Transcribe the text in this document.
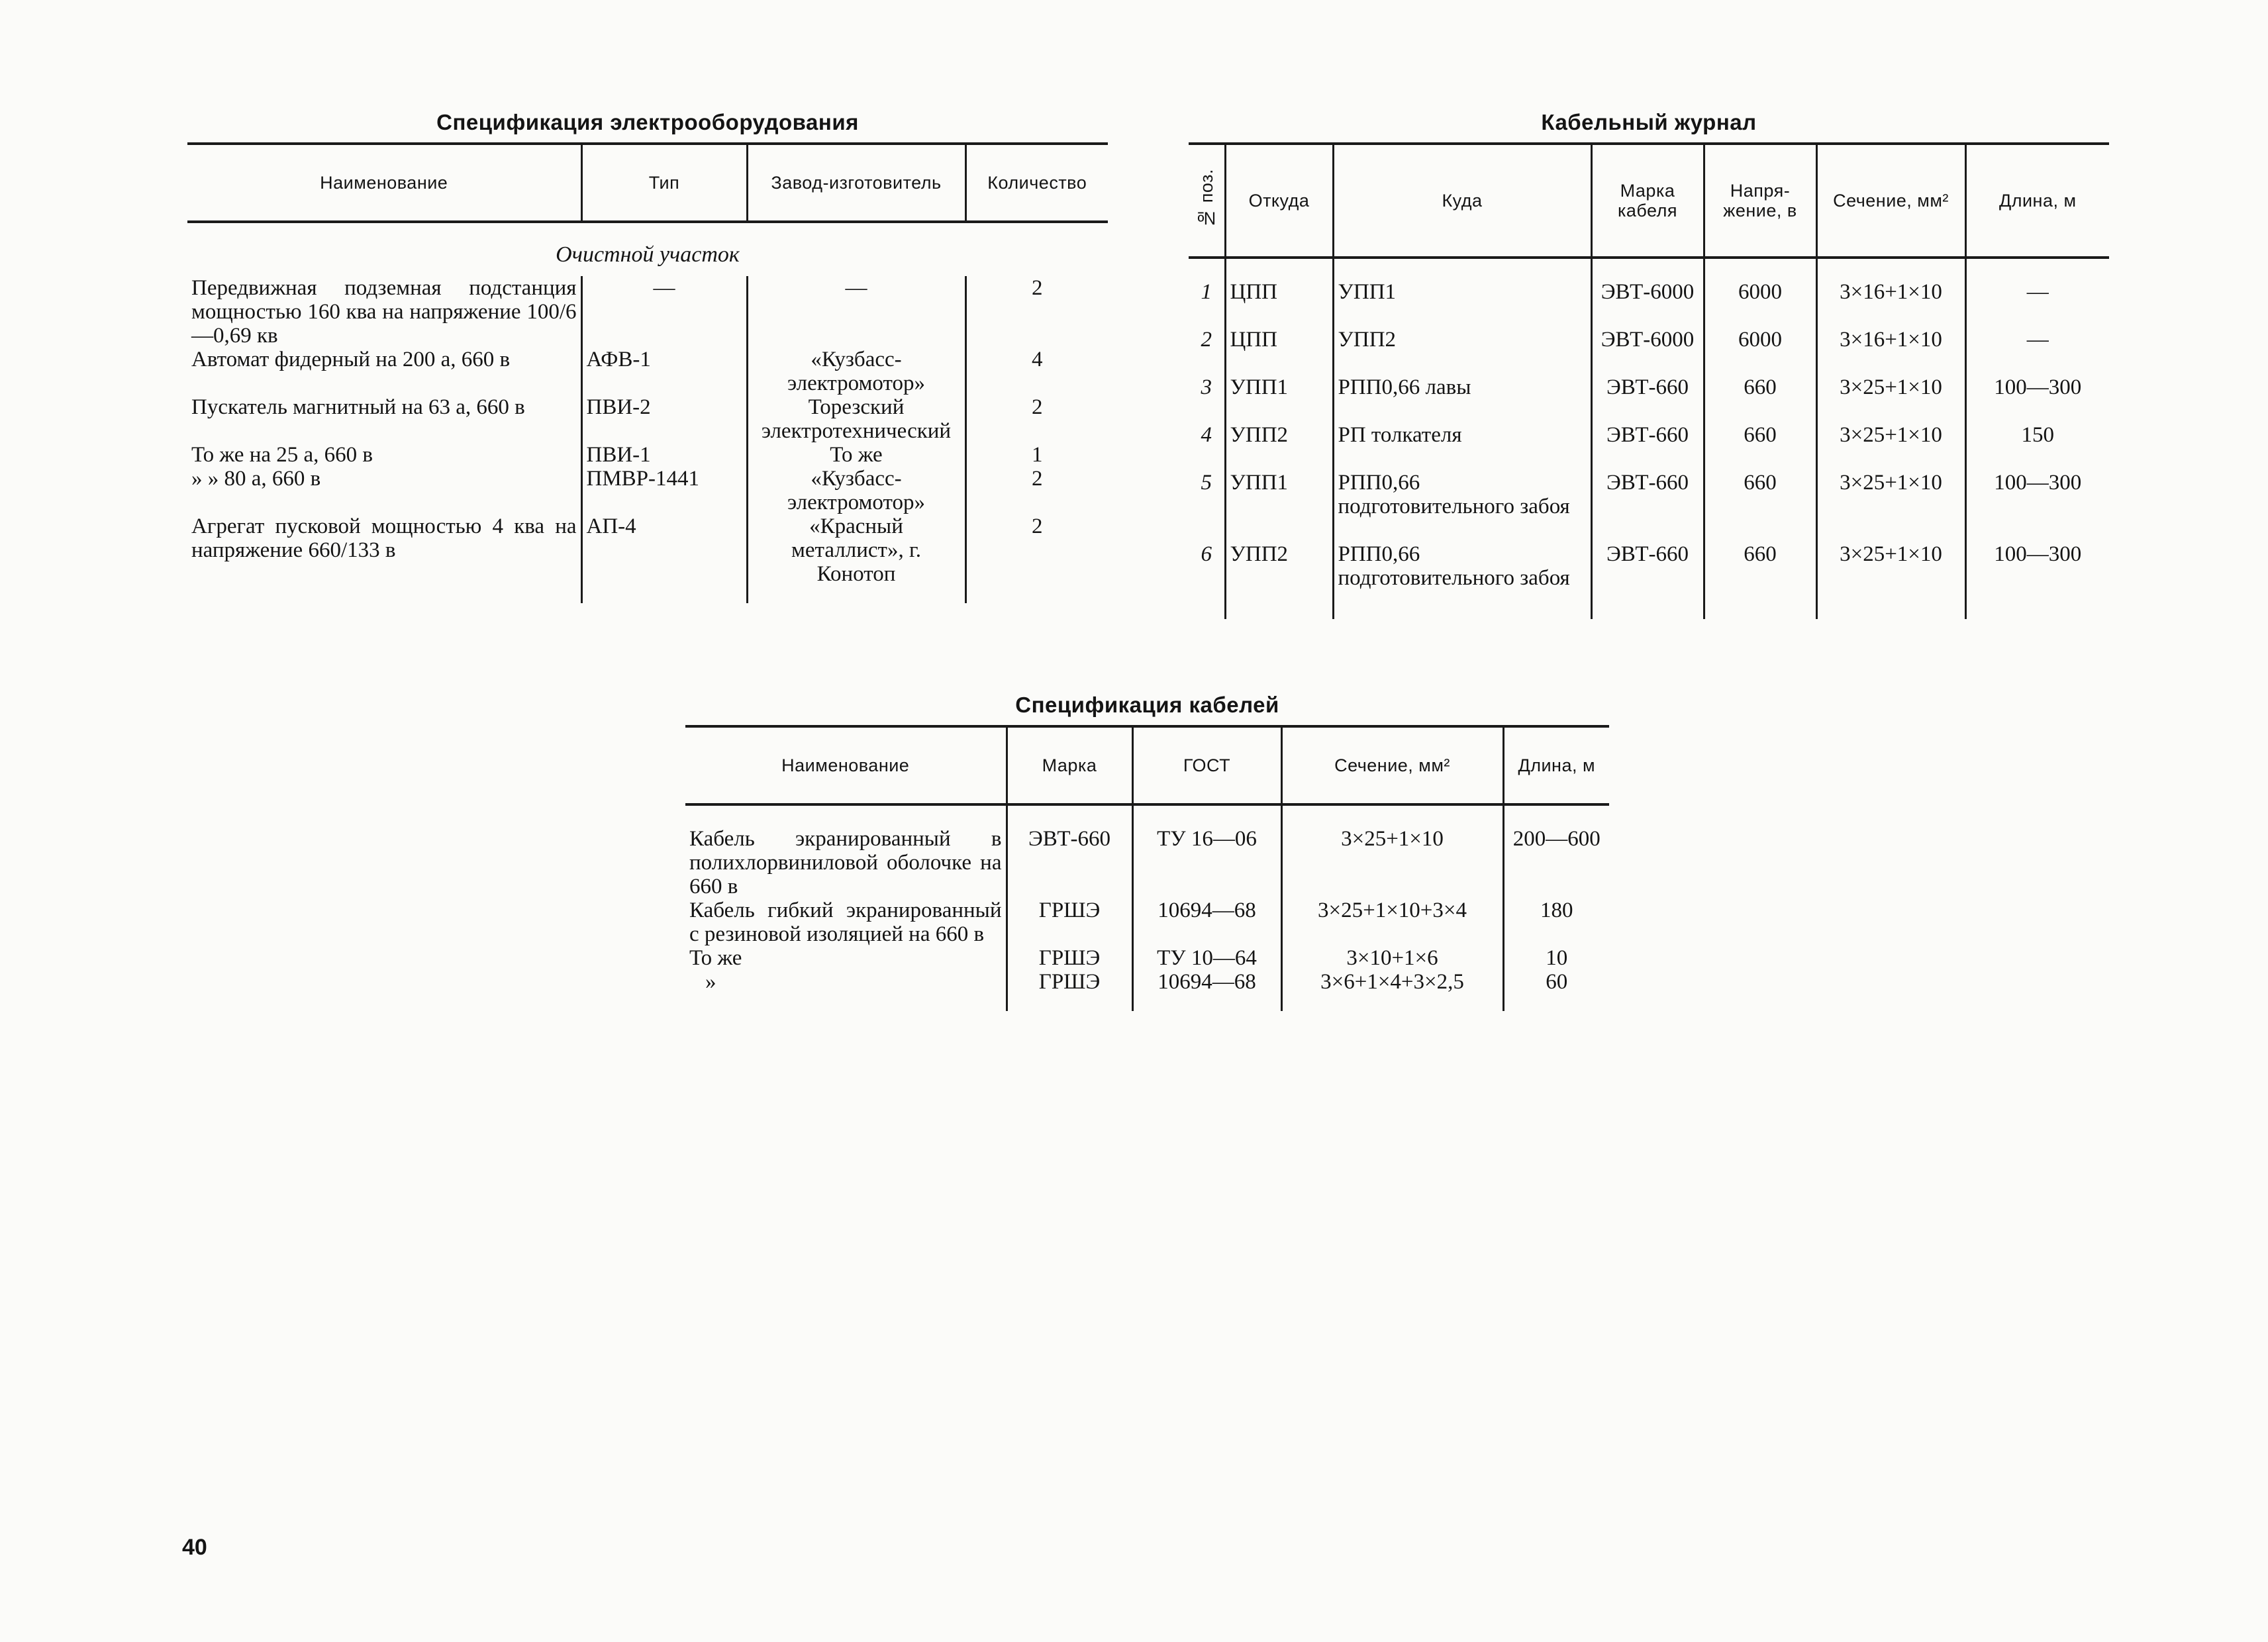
Спецификация электрооборудования
Наименование	Тип	Завод-изготовитель	Количество
Очистной участок			
Передвижная подземная подстанция мощностью 160 ква на напряжение 100/6—0,69 кв	—	—	2
Автомат фидерный на 200 а, 660 в	АФВ-1	«Кузбасс-электромотор»	4
Пускатель магнитный на 63 а, 660 в	ПВИ-2	Торезский электротехнический	2
То же на 25 а, 660 в	ПВИ-1	То же	1
» » 80 а, 660 в	ПМВР-1441	«Кузбасс-электромотор»	2
Агрегат пусковой мощностью 4 ква на напряжение 660/133 в	АП-4	«Красный металлист», г. Конотоп	2

Кабельный журнал
№ поз.	Откуда	Куда	Марка кабеля	Напря-жение, в	Сечение, мм²	Длина, м

1	ЦПП	УПП1	ЭВТ-6000	6000	3×16+1×10	—
2	ЦПП	УПП2	ЭВТ-6000	6000	3×16+1×10	—
3	УПП1	РПП0,66 лавы	ЭВТ-660	660	3×25+1×10	100—300
4	УПП2	РП толкателя	ЭВТ-660	660	3×25+1×10	150
5	УПП1	РПП0,66 подготовительного забоя	ЭВТ-660	660	3×25+1×10	100—300
6	УПП2	РПП0,66 подготовительного забоя	ЭВТ-660	660	3×25+1×10	100—300
Спецификация кабелей
Наименование	Марка	ГОСТ	Сечение, мм²	Длина, м

Кабель экранированный в полихлорвиниловой оболочке на 660 в	ЭВТ-660	ТУ 16—06	3×25+1×10	200—600
Кабель гибкий экранированный с резиновой изоляцией на 660 в	ГРШЭ	10694—68	3×25+1×10+3×4	180
То же	ГРШЭ	ТУ 10—64	3×10+1×6	10
»	ГРШЭ	10694—68	3×6+1×4+3×2,5	60

40
